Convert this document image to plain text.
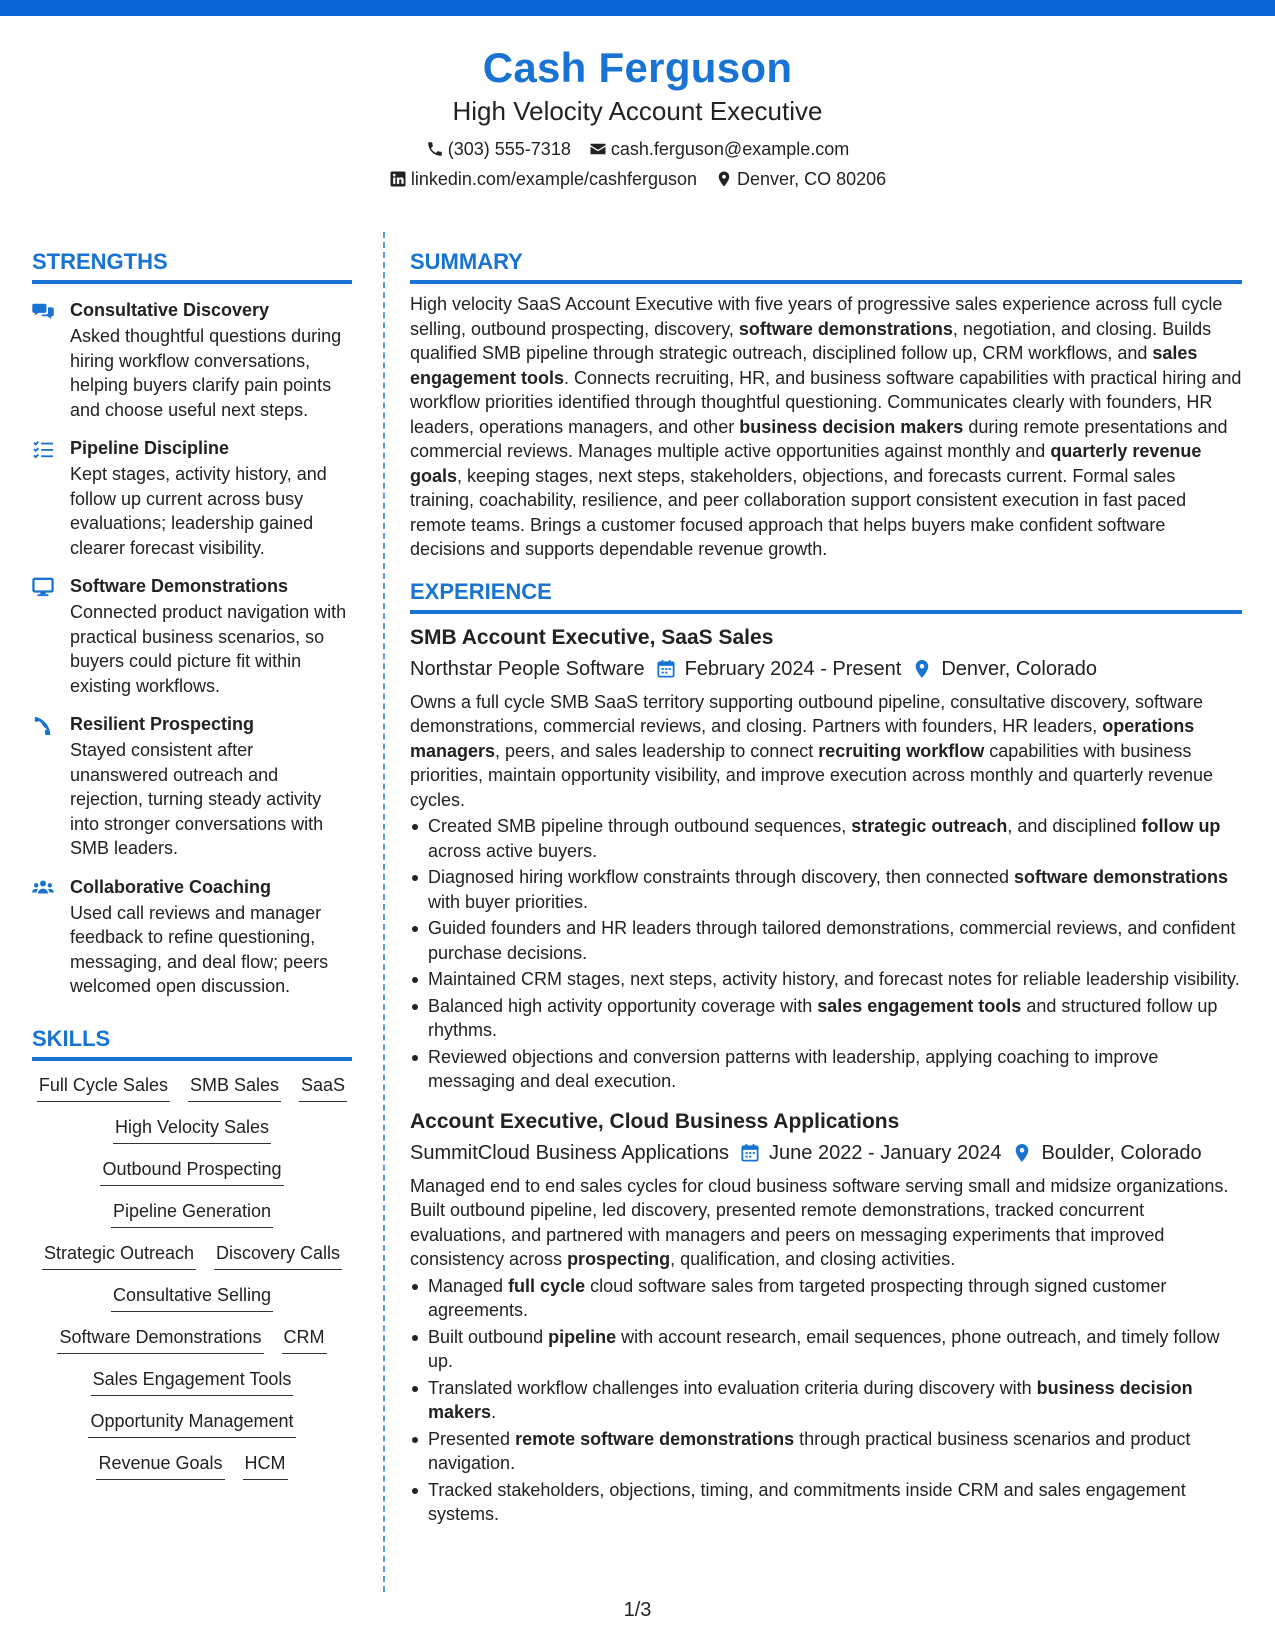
Cash Ferguson
High Velocity Account Executive
(303) 555-7318 cash.ferguson@example.com
linkedin.com/example/cashferguson Denver, CO 80206
STRENGTHS
Consultative Discovery
Asked thoughtful questions during hiring workflow conversations, helping buyers clarify pain points and choose useful next steps.
Pipeline Discipline
Kept stages, activity history, and follow up current across busy evaluations; leadership gained clearer forecast visibility.
Software Demonstrations
Connected product navigation with practical business scenarios, so buyers could picture fit within existing workflows.
Resilient Prospecting
Stayed consistent after unanswered outreach and rejection, turning steady activity into stronger conversations with SMB leaders.
Collaborative Coaching
Used call reviews and manager feedback to refine questioning, messaging, and deal flow; peers welcomed open discussion.
SKILLS
Full Cycle Sales SMB Sales SaaS
High Velocity Sales
Outbound Prospecting
Pipeline Generation
Strategic Outreach Discovery Calls
Consultative Selling
Software Demonstrations CRM
Sales Engagement Tools
Opportunity Management
Revenue Goals HCM
SUMMARY
High velocity SaaS Account Executive with five years of progressive sales experience across full cycle selling, outbound prospecting, discovery, software demonstrations, negotiation, and closing. Builds qualified SMB pipeline through strategic outreach, disciplined follow up, CRM workflows, and sales engagement tools. Connects recruiting, HR, and business software capabilities with practical hiring and workflow priorities identified through thoughtful questioning. Communicates clearly with founders, HR leaders, operations managers, and other business decision makers during remote presentations and commercial reviews. Manages multiple active opportunities against monthly and quarterly revenue goals, keeping stages, next steps, stakeholders, objections, and forecasts current. Formal sales training, coachability, resilience, and peer collaboration support consistent execution in fast paced remote teams. Brings a customer focused approach that helps buyers make confident software decisions and supports dependable revenue growth.
EXPERIENCE
SMB Account Executive, SaaS Sales
Northstar People Software February 2024 - Present Denver, Colorado
Owns a full cycle SMB SaaS territory supporting outbound pipeline, consultative discovery, software demonstrations, commercial reviews, and closing. Partners with founders, HR leaders, operations managers, peers, and sales leadership to connect recruiting workflow capabilities with business priorities, maintain opportunity visibility, and improve execution across monthly and quarterly revenue cycles.
Created SMB pipeline through outbound sequences, strategic outreach, and disciplined follow up across active buyers.
Diagnosed hiring workflow constraints through discovery, then connected software demonstrations with buyer priorities.
Guided founders and HR leaders through tailored demonstrations, commercial reviews, and confident purchase decisions.
Maintained CRM stages, next steps, activity history, and forecast notes for reliable leadership visibility.
Balanced high activity opportunity coverage with sales engagement tools and structured follow up rhythms.
Reviewed objections and conversion patterns with leadership, applying coaching to improve messaging and deal execution.
Account Executive, Cloud Business Applications
SummitCloud Business Applications June 2022 - January 2024 Boulder, Colorado
Managed end to end sales cycles for cloud business software serving small and midsize organizations. Built outbound pipeline, led discovery, presented remote demonstrations, tracked concurrent evaluations, and partnered with managers and peers on messaging experiments that improved consistency across prospecting, qualification, and closing activities.
Managed full cycle cloud software sales from targeted prospecting through signed customer agreements.
Built outbound pipeline with account research, email sequences, phone outreach, and timely follow up.
Translated workflow challenges into evaluation criteria during discovery with business decision makers.
Presented remote software demonstrations through practical business scenarios and product navigation.
Tracked stakeholders, objections, timing, and commitments inside CRM and sales engagement systems.
1/3
